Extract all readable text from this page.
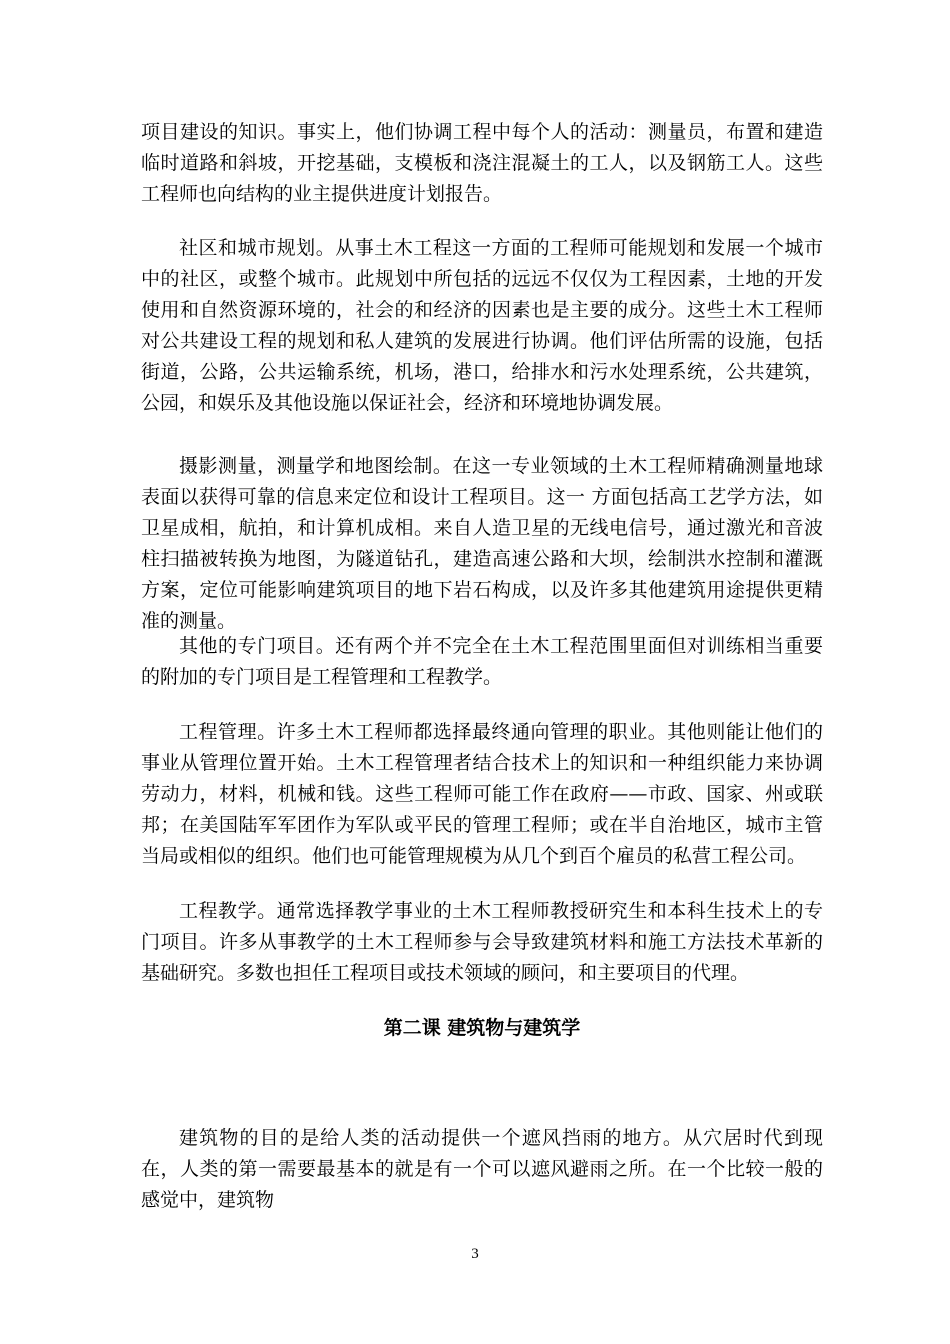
项目建设的知识。事实上，他们协调工程中每个人的活动：测量员，布置和建造临时道路和斜坡，开挖基础，支模板和浇注混凝土的工人，以及钢筋工人。这些工程师也向结构的业主提供进度计划报告。

社区和城市规划。从事土木工程这一方面的工程师可能规划和发展一个城市中的社区，或整个城市。此规划中所包括的远远不仅仅为工程因素，土地的开发使用和自然资源环境的，社会的和经济的因素也是主要的成分。这些土木工程师对公共建设工程的规划和私人建筑的发展进行协调。他们评估所需的设施，包括街道，公路，公共运输系统，机场，港口，给排水和污水处理系统，公共建筑，公园，和娱乐及其他设施以保证社会，经济和环境地协调发展。

摄影测量，测量学和地图绘制。在这一专业领域的土木工程师精确测量地球表面以获得可靠的信息来定位和设计工程项目。这一 方面包括高工艺学方法，如卫星成相，航拍，和计算机成相。来自人造卫星的无线电信号，通过激光和音波柱扫描被转换为地图，为隧道钻孔，建造高速公路和大坝，绘制洪水控制和灌溉方案，定位可能影响建筑项目的地下岩石构成，以及许多其他建筑用途提供更精准的测量。

其他的专门项目。还有两个并不完全在土木工程范围里面但对训练相当重要的附加的专门项目是工程管理和工程教学。

工程管理。许多土木工程师都选择最终通向管理的职业。其他则能让他们的事业从管理位置开始。土木工程管理者结合技术上的知识和一种组织能力来协调劳动力，材料，机械和钱。这些工程师可能工作在政府——市政、国家、州或联邦；在美国陆军军团作为军队或平民的管理工程师；或在半自治地区，城市主管当局或相似的组织。他们也可能管理规模为从几个到百个雇员的私营工程公司。

工程教学。通常选择教学事业的土木工程师教授研究生和本科生技术上的专门项目。许多从事教学的土木工程师参与会导致建筑材料和施工方法技术革新的基础研究。多数也担任工程项目或技术领域的顾问，和主要项目的代理。

第二课 建筑物与建筑学

建筑物的目的是给人类的活动提供一个遮风挡雨的地方。从穴居时代到现在，人类的第一需要最基本的就是有一个可以遮风避雨之所。在一个比较一般的感觉中，建筑物

3
